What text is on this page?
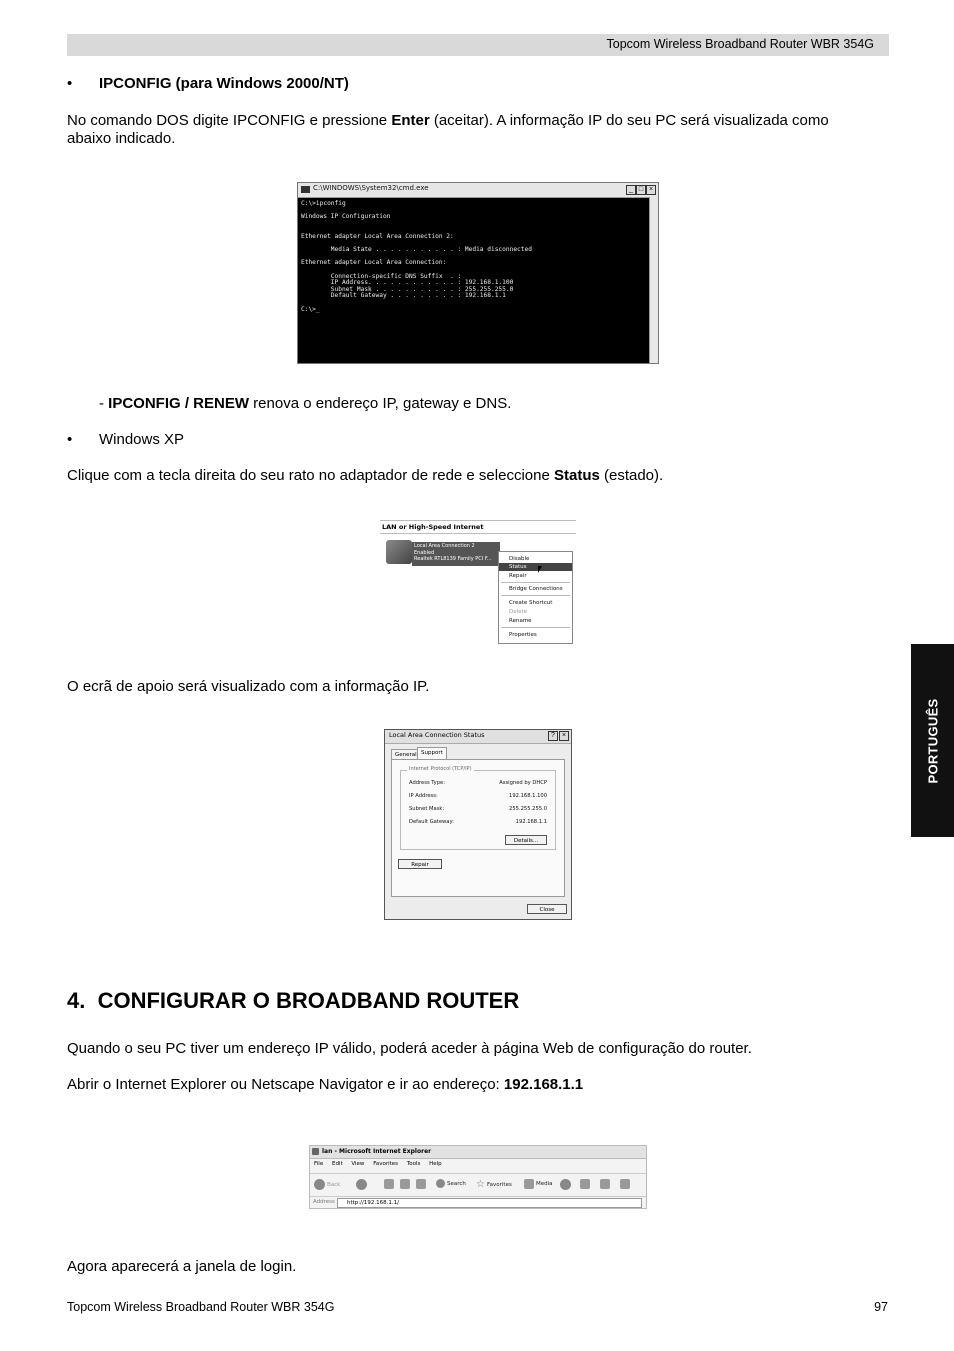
Topcom Wireless Broadband Router WBR 354G
PORTUGUÊS
• IPCONFIG (para Windows 2000/NT)
No comando DOS digite IPCONFIG e pressione Enter (aceitar). A informação IP do seu PC será visualizada como
abaixo indicado.
C:\WINDOWS\System32\cmd.exe	_ □ ×
C:\>ipconfig

Windows IP Configuration

Ethernet adapter Local Area Connection 2:

Media State . . . . . . . . . . . : Media disconnected

Ethernet adapter Local Area Connection:

Connection-specific DNS Suffix  . :
IP Address. . . . . . . . . . . . : 192.168.1.100
Subnet Mask . . . . . . . . . . . : 255.255.255.0
Default Gateway . . . . . . . . . : 192.168.1.1

C:\>_
- IPCONFIG / RENEW renova o endereço IP, gateway e DNS.
• Windows XP
Clique com a tecla direita do seu rato no adaptador de rede e seleccione Status (estado).
LAN or High-Speed Internet
Local Area Connection 2
Enabled
Realtek RTL8139 Family PCI F...	Disable
Status
Repair
Bridge Connections
Create Shortcut
Delete
Rename
Properties
O ecrã de apoio será visualizado com a informação IP.
Local Area Connection Status	?	×
General Support
Internet Protocol (TCP/IP)
Address Type:	Assigned by DHCP
IP Address:	192.168.1.100
Subnet Mask:	255.255.255.0
Default Gateway:	192.168.1.1
Details...
Repair
Close
4. CONFIGURAR O BROADBAND ROUTER
Quando o seu PC tiver um endereço IP válido, poderá aceder à página Web de configuração do router.
Abrir o Internet Explorer ou Netscape Navigator e ir ao endereço: 192.168.1.1
lan - Microsoft Internet Explorer
File Edit View Favorites Tools Help
Back	Search ☆ Favorites	Media
Address	http://192.168.1.1/
Agora aparecerá a janela de login.
Topcom Wireless Broadband Router WBR 354G	97
